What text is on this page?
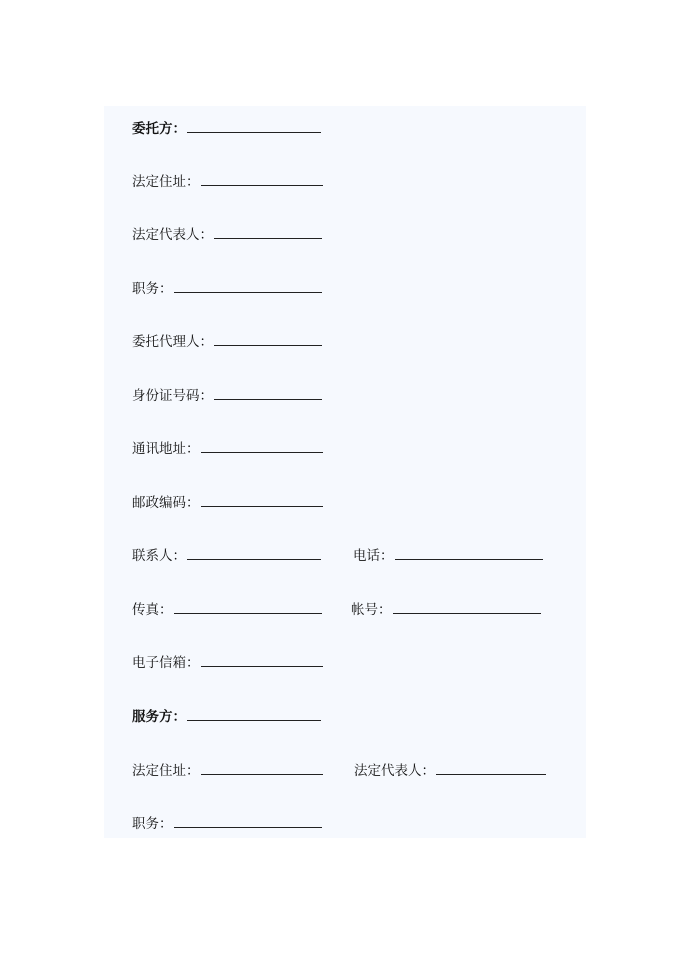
委托方：
法定住址：
法定代表人：
职务：
委托代理人：
身份证号码：
通讯地址：
邮政编码：
联系人：	电话：
传真：	帐号：
电子信箱：
服务方：
法定住址：	法定代表人：
职务：
